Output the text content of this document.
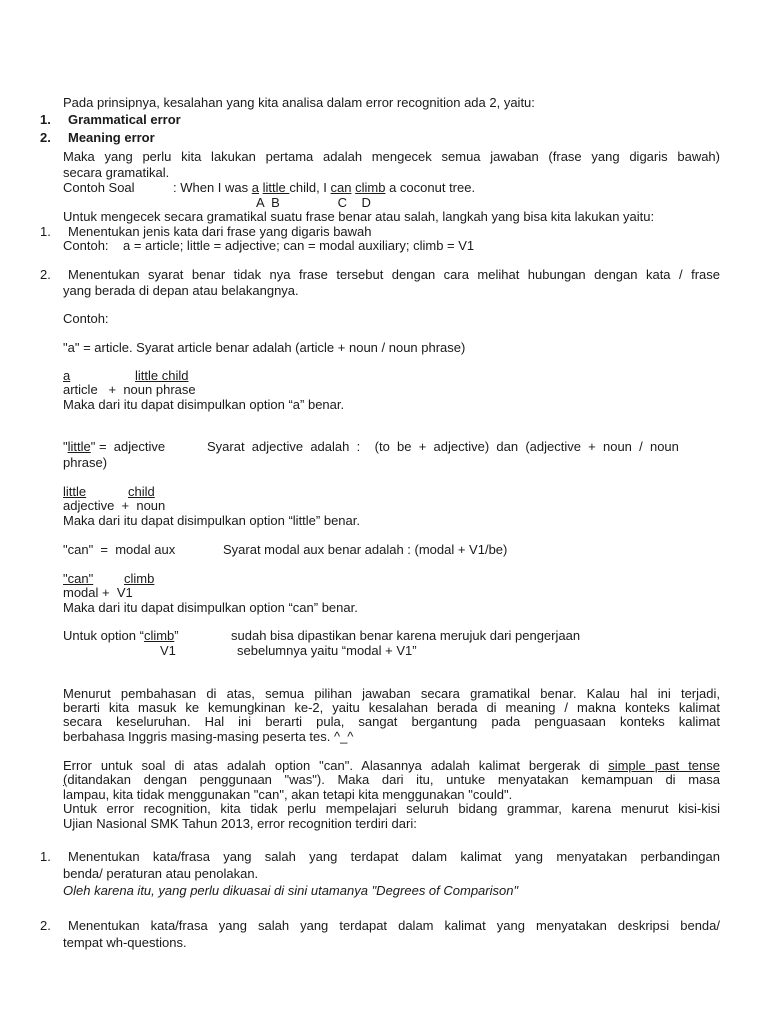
Pada prinsipnya, kesalahan yang kita analisa dalam error recognition ada 2, yaitu:
1. Grammatical error
2. Meaning error
Maka yang perlu kita lakukan pertama adalah mengecek semua jawaban (frase yang digaris bawah)
secara gramatikal.
Contoh Soal	: When I was a little child, I can climb a coconut tree.
A  B                C    D
Untuk mengecek secara gramatikal suatu frase benar atau salah, langkah yang bisa kita lakukan yaitu:
1. Menentukan jenis kata dari frase yang digaris bawah
Contoh:    a = article; little = adjective; can = modal auxiliary; climb = V1
2. Menentukan syarat benar tidak nya frase tersebut dengan cara melihat hubungan dengan kata / frase
yang berada di depan atau belakangnya.
Contoh:
"a" = article. Syarat article benar adalah (article + noun / noun phrase)
a	little child
article   +  noun phrase
Maka dari itu dapat disimpulkan option “a” benar.
"little" =  adjective	Syarat  adjective  adalah  :    (to  be  +  adjective)  dan  (adjective  +  noun  /  noun
phrase)
little	child
adjective  +  noun
Maka dari itu dapat disimpulkan option “little” benar.
"can"  =  modal aux	Syarat modal aux benar adalah : (modal + V1/be)
"can" climb
modal +  V1
Maka dari itu dapat disimpulkan option “can” benar.
Untuk option “climb”	sudah bisa dipastikan benar karena merujuk dari pengerjaan
V1	sebelumnya yaitu “modal + V1”
Menurut pembahasan di atas, semua pilihan jawaban secara gramatikal benar. Kalau hal ini terjadi,
berarti kita masuk ke kemungkinan ke-2, yaitu kesalahan berada di meaning / makna konteks kalimat
secara keseluruhan. Hal ini berarti pula, sangat bergantung pada penguasaan konteks kalimat
berbahasa Inggris masing-masing peserta tes. ^_^
Error untuk soal di atas adalah option "can". Alasannya adalah kalimat bergerak di simple past tense
(ditandakan dengan penggunaan "was"). Maka dari itu, untuke menyatakan kemampuan di masa
lampau, kita tidak menggunakan "can", akan tetapi kita menggunakan "could".
Untuk error recognition, kita tidak perlu mempelajari seluruh bidang grammar, karena menurut kisi-kisi
Ujian Nasional SMK Tahun 2013, error recognition terdiri dari:
1. Menentukan kata/frasa yang salah yang terdapat dalam kalimat yang menyatakan perbandingan
benda/ peraturan atau penolakan.
Oleh karena itu, yang perlu dikuasai di sini utamanya "Degrees of Comparison"
2. Menentukan kata/frasa yang salah yang terdapat dalam kalimat yang menyatakan deskripsi benda/
tempat wh-questions.
